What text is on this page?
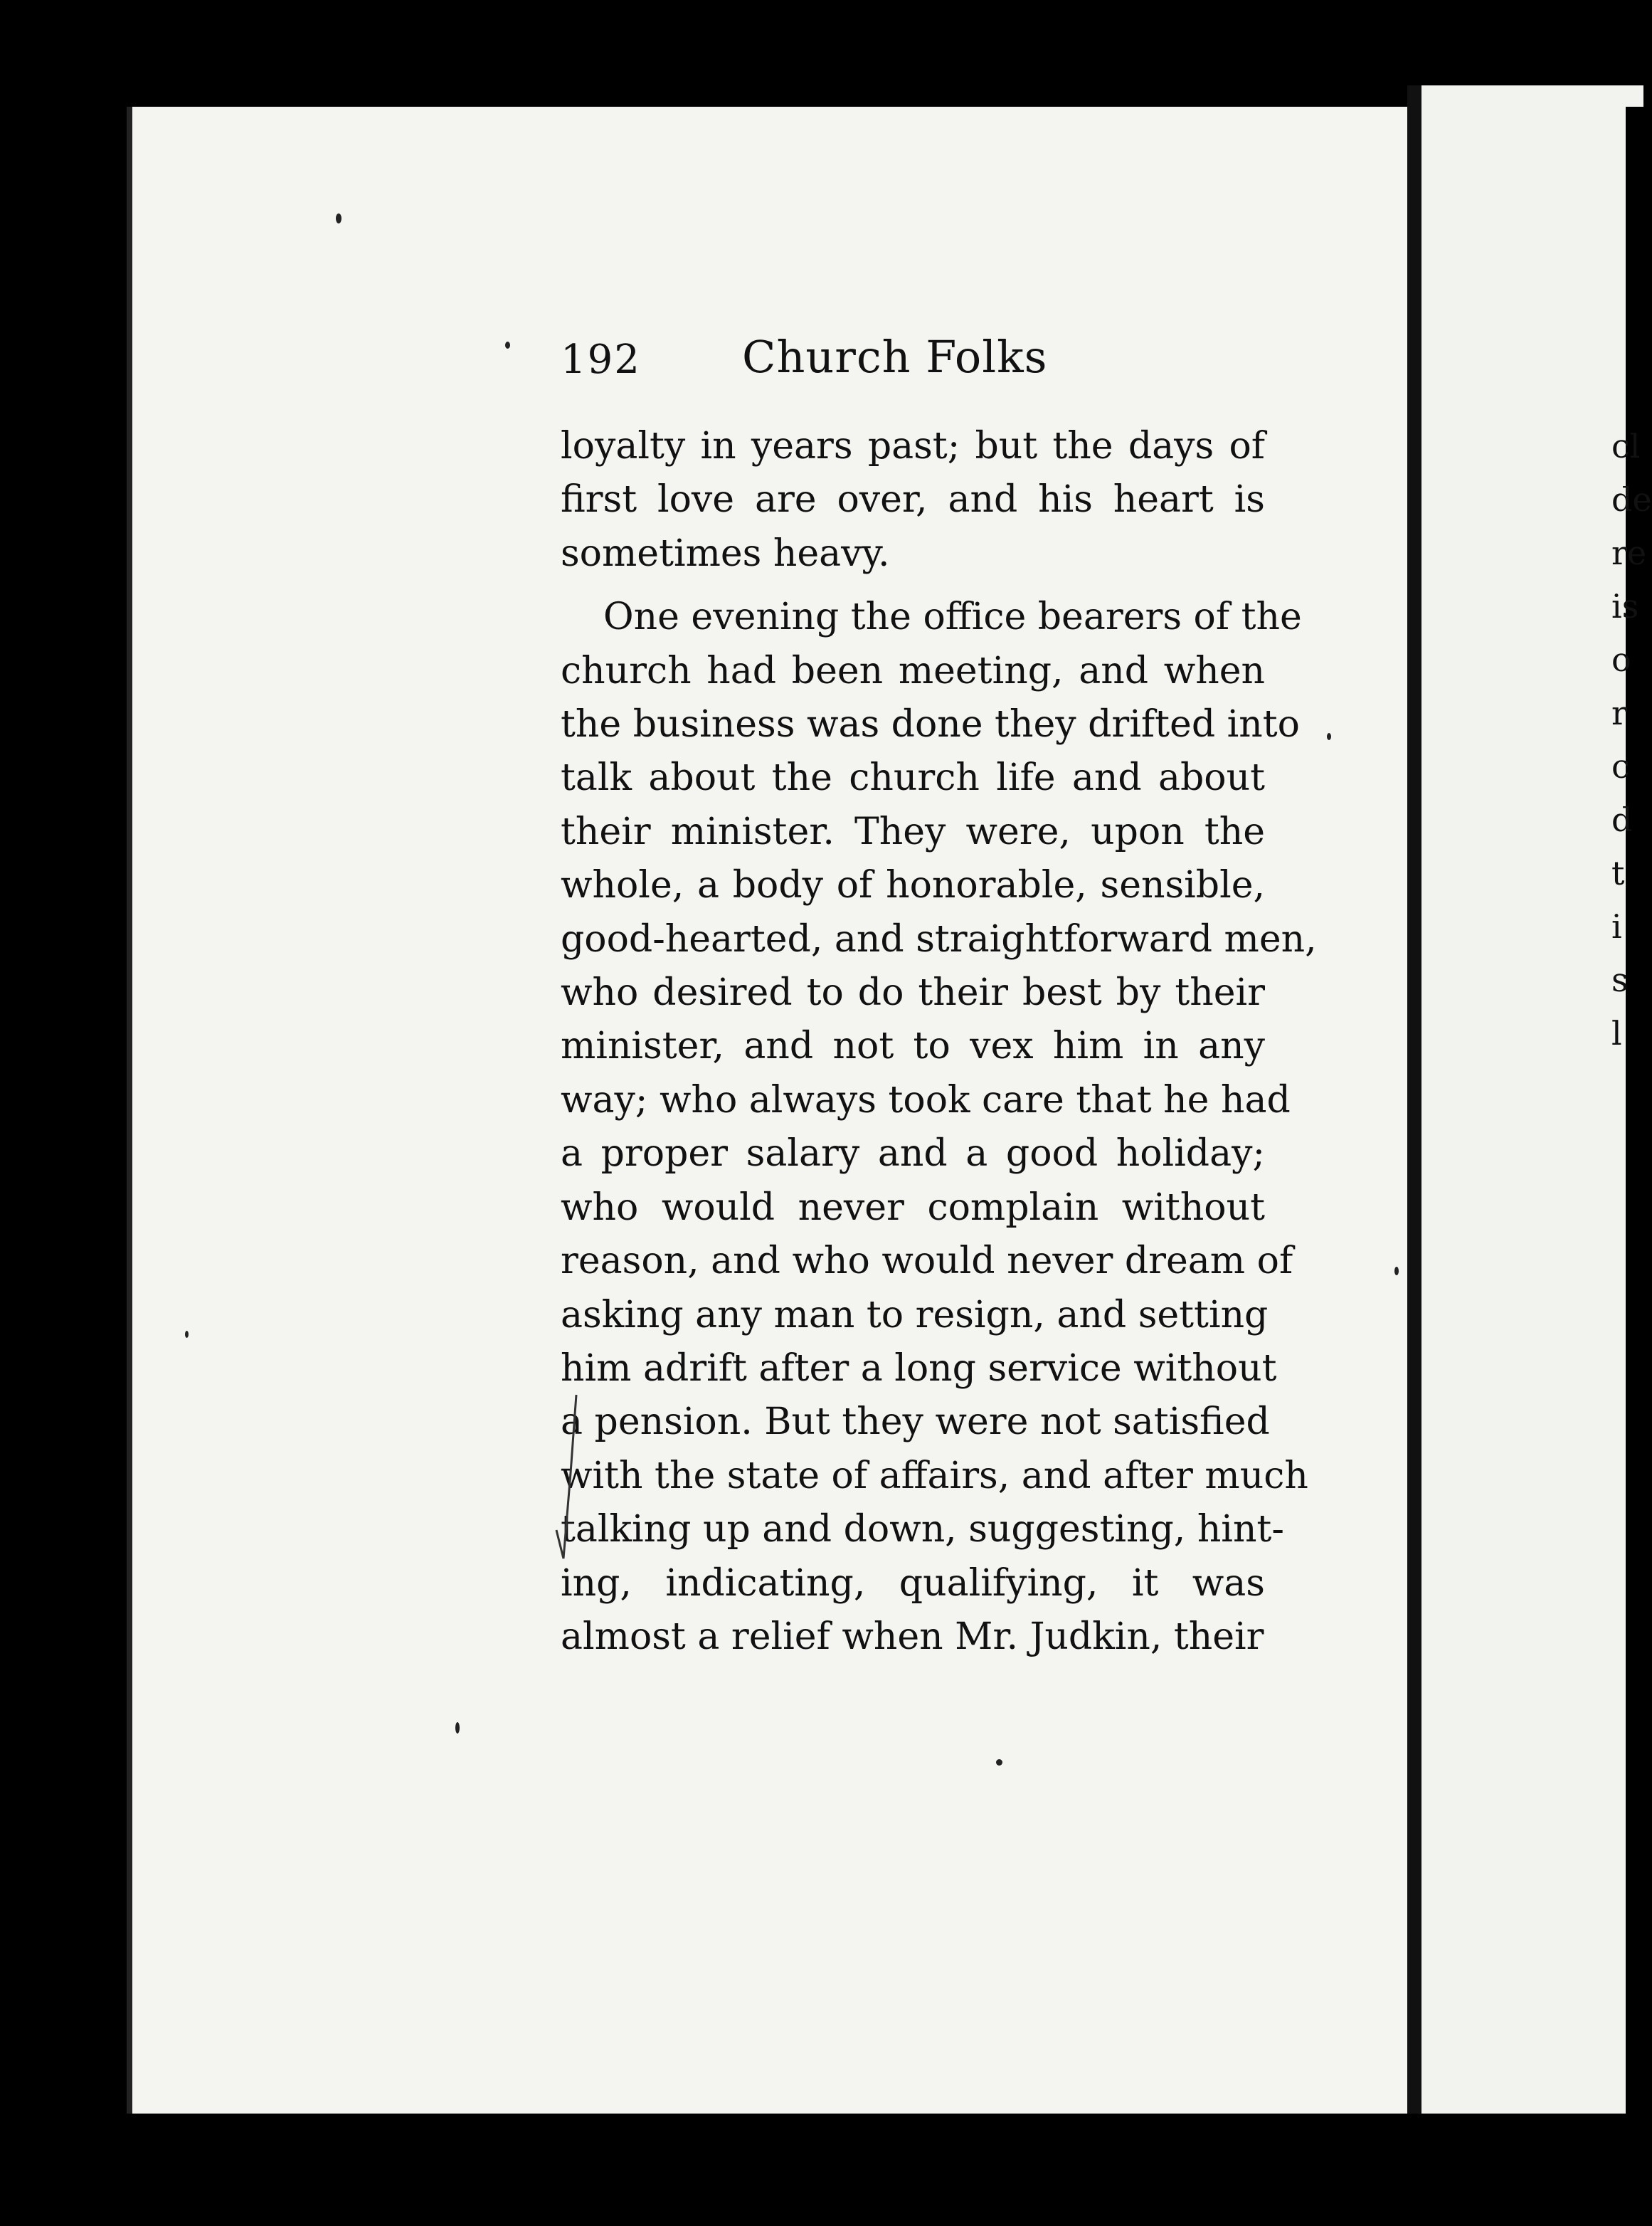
192 Church Folks
loyalty in years past; but the days of
first love are over, and his heart is
sometimes heavy.
One evening the office bearers of the
church had been meeting, and when
the business was done they drifted into
talk about the church life and about
their minister. They were, upon the
whole, a body of honorable, sensible,
good-hearted, and straightforward men,
who desired to do their best by their
minister, and not to vex him in any
way; who always took care that he had
a proper salary and a good holiday;
who would never complain without
reason, and who would never dream of
asking any man to resign, and setting
him adrift after a long service without
a pension. But they were not satisfied
with the state of affairs, and after much
talking up and down, suggesting, hint-
ing, indicating, qualifying, it was
almost a relief when Mr. Judkin, their
cl
de
re
is
o
r
c
d
t
i
s
l
